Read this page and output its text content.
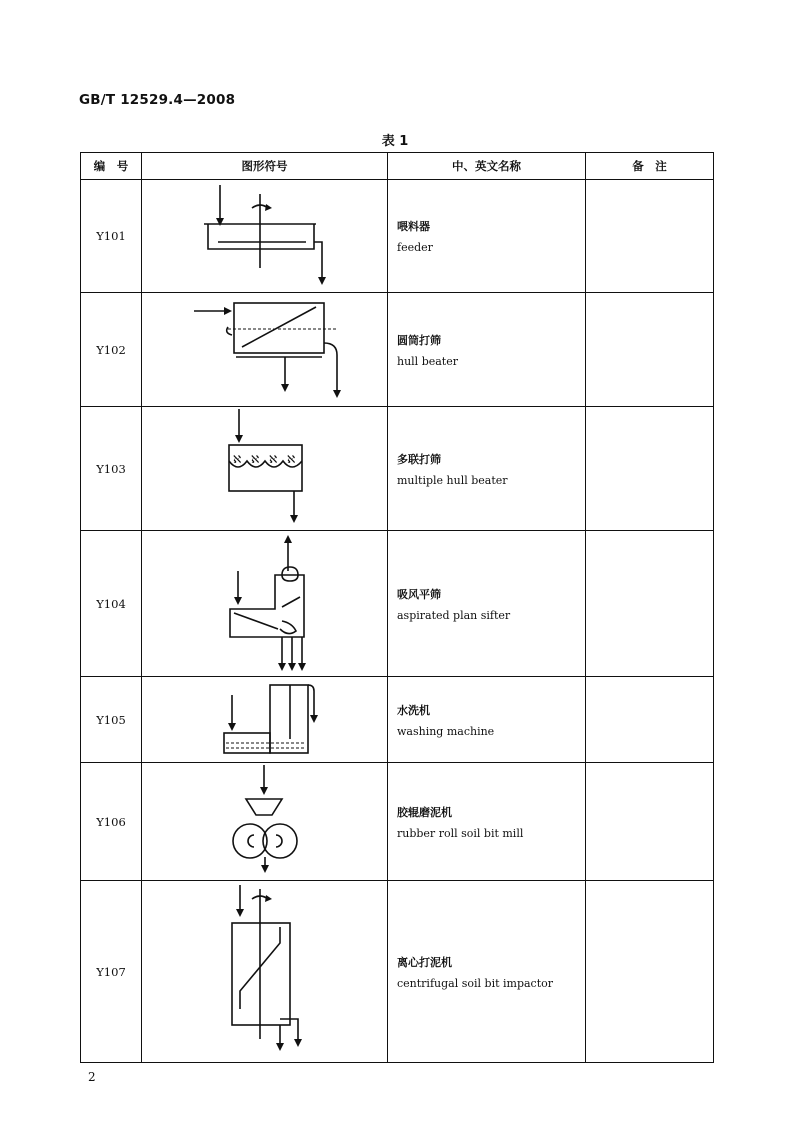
GB/T 12529.4—2008
表 1
编　号	图形符号	中、英文名称	备　注
Y101		喂料器
feeder	

Y102		圆筒打筛
hull beater	

Y103	ℵ ℵ ℵ ℵ	多联打筛
multiple hull beater	

Y104		吸风平筛
aspirated plan sifter	

Y105		水洗机
washing machine	

Y106		胶辊磨泥机
rubber roll soil bit mill	

Y107		离心打泥机
centrifugal soil bit impactor	

2
